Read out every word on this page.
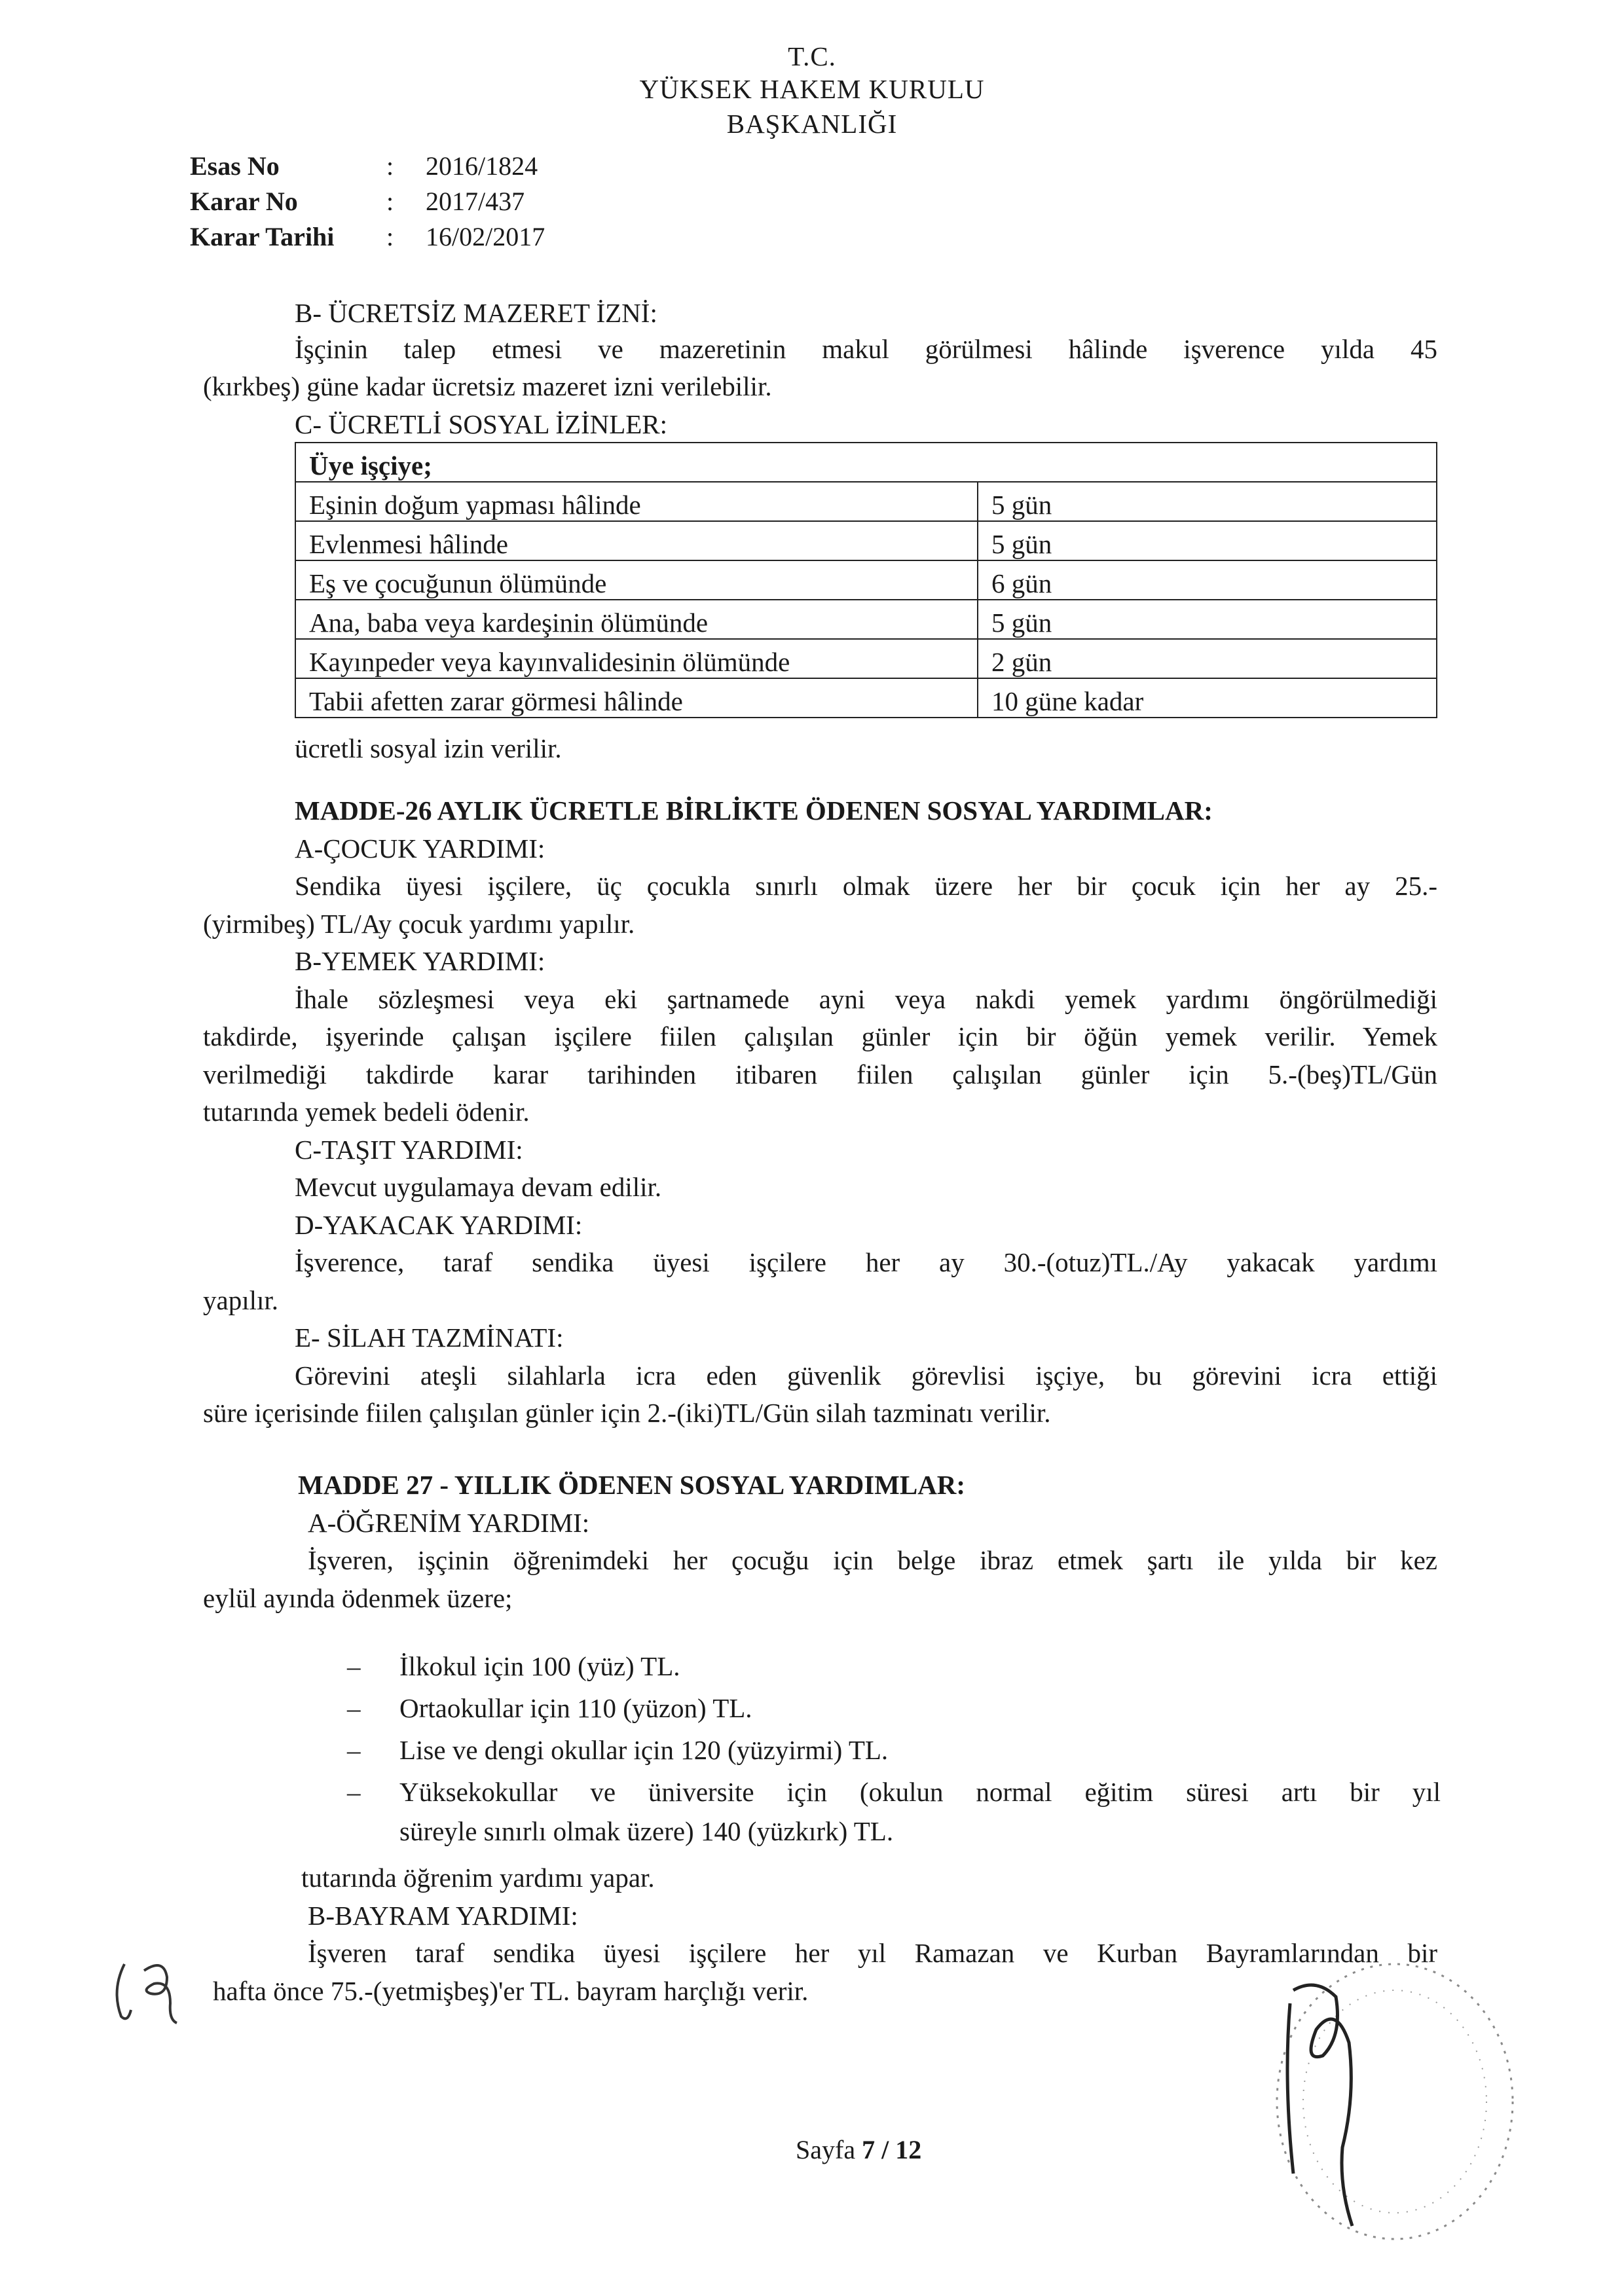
T.C.
YÜKSEK HAKEM KURULU
BAŞKANLIĞI
Esas No	: 2016/1824
Karar No	: 2017/437
Karar Tarihi : 16/02/2017
B- ÜCRETSİZ MAZERET İZNİ:
İşçinin talep etmesi ve mazeretinin makul görülmesi hâlinde işverence yılda 45
(kırkbeş) güne kadar ücretsiz mazeret izni verilebilir.
C- ÜCRETLİ SOSYAL İZİNLER:
Üye işçiye;	
Eşinin doğum yapması hâlinde	5 gün
Evlenmesi hâlinde	5 gün
Eş ve çocuğunun ölümünde	6 gün
Ana, baba veya kardeşinin ölümünde	5 gün
Kayınpeder veya kayınvalidesinin ölümünde	2 gün
Tabii afetten zarar görmesi hâlinde	10 güne kadar
ücretli sosyal izin verilir.
MADDE-26 AYLIK ÜCRETLE BİRLİKTE ÖDENEN SOSYAL YARDIMLAR:
A-ÇOCUK YARDIMI:
Sendika üyesi işçilere, üç çocukla sınırlı olmak üzere her bir çocuk için her ay 25.-
(yirmibeş) TL/Ay çocuk yardımı yapılır.
B-YEMEK YARDIMI:
İhale sözleşmesi veya eki şartnamede ayni veya nakdi yemek yardımı öngörülmediği
takdirde, işyerinde çalışan işçilere fiilen çalışılan günler için bir öğün yemek verilir. Yemek
verilmediği takdirde karar tarihinden itibaren fiilen çalışılan günler için 5.-(beş)TL/Gün
tutarında yemek bedeli ödenir.
C-TAŞIT YARDIMI:
Mevcut uygulamaya devam edilir.
D-YAKACAK YARDIMI:
İşverence, taraf sendika üyesi işçilere her ay 30.-(otuz)TL./Ay yakacak yardımı
yapılır.
E- SİLAH TAZMİNATI:
Görevini ateşli silahlarla icra eden güvenlik görevlisi işçiye, bu görevini icra ettiği
süre içerisinde fiilen çalışılan günler için 2.-(iki)TL/Gün silah tazminatı verilir.
MADDE 27 - YILLIK ÖDENEN SOSYAL YARDIMLAR:
A-ÖĞRENİM YARDIMI:
İşveren, işçinin öğrenimdeki her çocuğu için belge ibraz etmek şartı ile yılda bir kez
eylül ayında ödenmek üzere;
– İlkokul için 100 (yüz) TL.
– Ortaokullar için 110 (yüzon) TL.
– Lise ve dengi okullar için 120 (yüzyirmi) TL.
– Yüksekokullar ve üniversite için (okulun normal eğitim süresi artı bir yıl
süreyle sınırlı olmak üzere) 140 (yüzkırk) TL.
tutarında öğrenim yardımı yapar.
B-BAYRAM YARDIMI:
İşveren taraf sendika üyesi işçilere her yıl Ramazan ve Kurban Bayramlarından bir
hafta önce 75.-(yetmişbeş)'er TL. bayram harçlığı verir.
Sayfa 7 / 12
